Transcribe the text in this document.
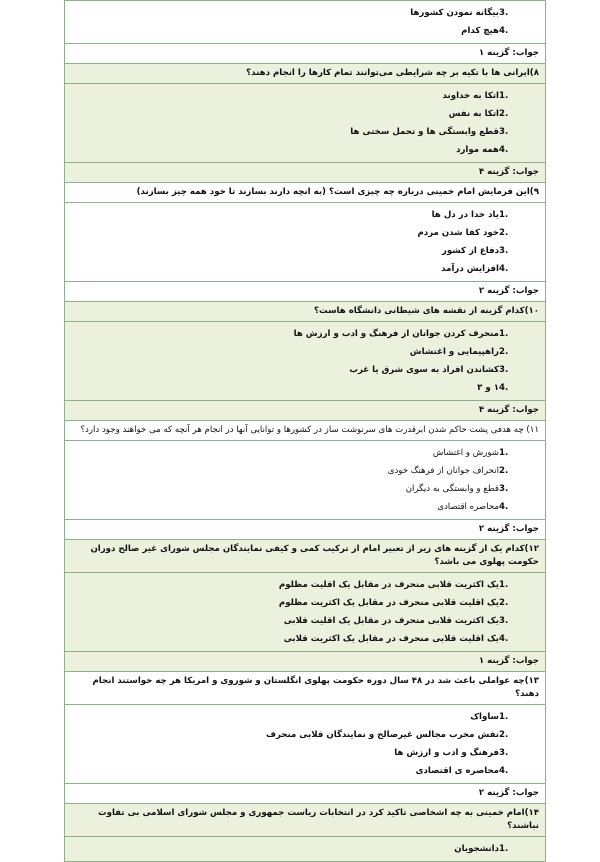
3.
بیگانه نمودن کشورها
4.
هیچ کدام
جواب: گزینه ۱
۸)ایرانی ها با تکیه بر چه شرایطی می‌توانند تمام کارها را انجام دهند؟
1.
اتکا به خداوند
2.
اتکا به نفس
3.
قطع وابستگی ها و تحمل سختی ها
4.
همه موارد
جواب: گزینه ۴
۹)این فرمایش امام خمینی درباره چه چیزی است؟ (به انچه دارند بسازند تا خود همه چیز بسازند)
1.
یاد خدا در دل ها
2.
خود کفا شدن مردم
3.
دفاع از کشور
4.
افزایش درآمد
جواب: گزینه ۲
۱۰)کدام گزینه از نقشه های شیطانی دانشگاه هاست؟
1.
منحرف کردن جوانان از فرهنگ و ادب و ارزش ها
2.
راهپیمایی و اغتشاش
3.
کشاندن افراد به سوی شرق یا غرب
4.
۱ و ۳
جواب: گزینه ۴
۱۱) چه هدفی پشت حاکم شدن ابرقدرت های سرنوشت ساز در کشورها و توانایی آنها در انجام هر آنچه که می خواهند وجود دارد؟
1.
شورش و اغتشاش
2.
انحراف جوانان از فرهنگ خودی
3.
قطع و وابستگی به دیگران
4.
محاصره اقتصادی
جواب: گزینه ۲
۱۲)کدام یک از گزینه های زیر از تعبیر امام از ترکیب کمی و کیفی نمایندگان مجلس شورای غیر صالح دوران حکومت پهلوی می باشد؟
1.
یک اکثریت قلابی منحرف در مقابل یک اقلیت مظلوم
2.
یک اقلیت قلابی منحرف در مقابل یک اکثریت مظلوم
3.
یک اکثریت قلابی منحرف در مقابل یک اقلیت قلابی
4.
یک اقلیت قلابی منحرف در مقابل یک اکثریت قلابی
جواب: گزینه ۱
۱۳)چه عواملی باعث شد در ۴۸ سال دوره حکومت پهلوی انگلستان و شوروی و امریکا هر چه خواستند انجام دهند؟
1.
ساواک
2.
نفش مخرب مجالس غیرصالح و نمایندگان قلابی منحرف
3.
فرهنگ و ادب و ارزش ها
4.
محاصره ی اقتصادی
جواب: گزینه ۲
۱۴)امام خمینی به چه اشخاصی تاکید کرد در انتخابات ریاست جمهوری و مجلس شورای اسلامی بی تفاوت نباشند؟
1.
دانشجویان
